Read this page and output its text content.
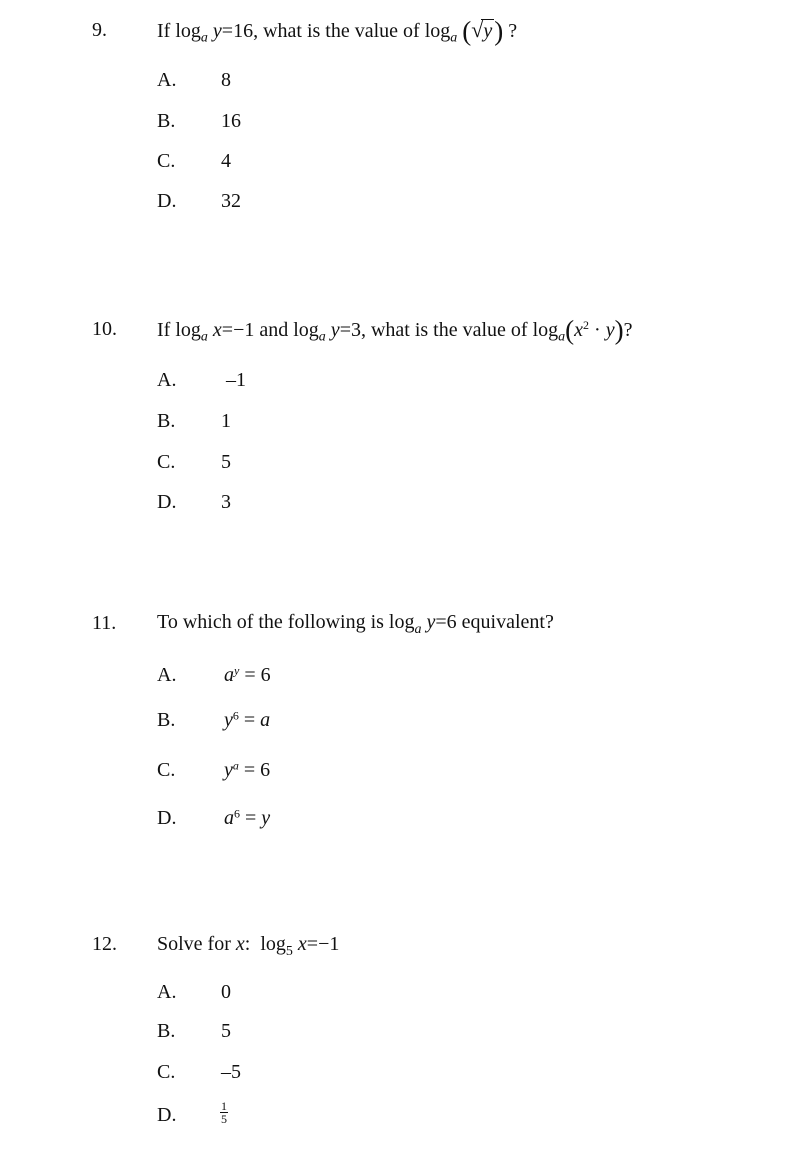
9.	If $\log_a y=16$, what is the value of $\log_a (√y)$ ?
A. 8
B. 16
C. 4
D. 32
10. If $\log_a x=-1$ and $\log_a y=3$, what is the value of $\log_a(x^2 \cdot y)$?
A. –1
B. 1
C. 5
D. 3
11. To which of the following is $\log_a y=6$ equivalent?
A. $a^y = 6$
B. $y^6 = a$
C. $y^a = 6$
D. $a^6 = y$
12. Solve for x: $\log_5 x=-1$
A. 0
B. 5
C. –5
D.	$\frac{1}{5}$
